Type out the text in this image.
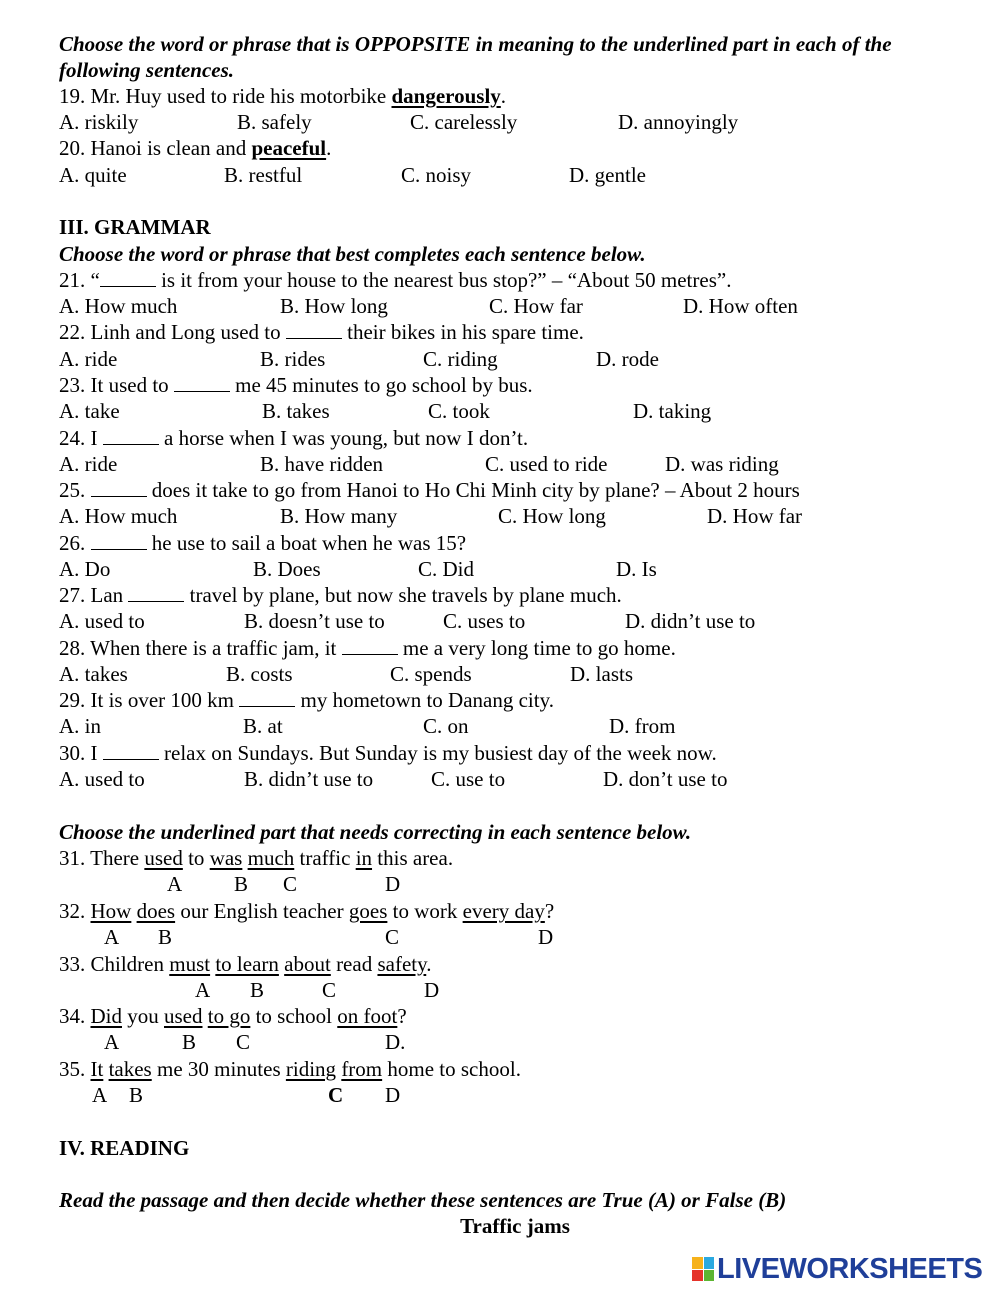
Choose the word or phrase that is OPPOPSITE in meaning to the underlined part in each of the
following sentences.
19. Mr. Huy used to ride his motorbike dangerously.
A. riskily	B. safely	C. carelessly	D. annoyingly
20. Hanoi is clean and peaceful.
A. quite	B. restful	C. noisy	D. gentle
III. GRAMMAR
Choose the word or phrase that best completes each sentence below.
21. “	is it from your house to the nearest bus stop?” – “About 50 metres”.
A. How much	B. How long	C. How far	D. How often
22. Linh and Long used to	their bikes in his spare time.
A. ride	B. rides	C. riding	D. rode
23. It used to	me 45 minutes to go school by bus.
A. take	B. takes	C. took	D. taking
24. I	a horse when I was young, but now I don’t.
A. ride	B. have ridden	C. used to ride	D. was riding
25.	does it take to go from Hanoi to Ho Chi Minh city by plane? – About 2 hours
A. How much	B. How many	C. How long	D. How far
26.	he use to sail a boat when he was 15?
A. Do	B. Does	C. Did	D. Is
27. Lan	travel by plane, but now she travels by plane much.
A. used to	B. doesn’t use to	C. uses to	D. didn’t use to
28. When there is a traffic jam, it	me a very long time to go home.
A. takes	B. costs	C. spends	D. lasts
29. It is over 100 km	my hometown to Danang city.
A. in	B. at	C. on	D. from
30. I	relax on Sundays. But Sunday is my busiest day of the week now.
A. used to	B. didn’t use to	C. use to	D. don’t use to
Choose the underlined part that needs correcting in each sentence below.
31. There used to was much traffic in this area.
A B C	D
32. How does our English teacher goes to work every day?
A B	C	D
33. Children must to learn about read safety.
A B	C	D
34. Did you used to go to school on foot?
A	B C	D.
35. It takes me 30 minutes riding from home to school.
A B	C D
IV. READING
Read the passage and then decide whether these sentences are True (A) or False (B)
Traffic jams
LIVEWORKSHEETS
